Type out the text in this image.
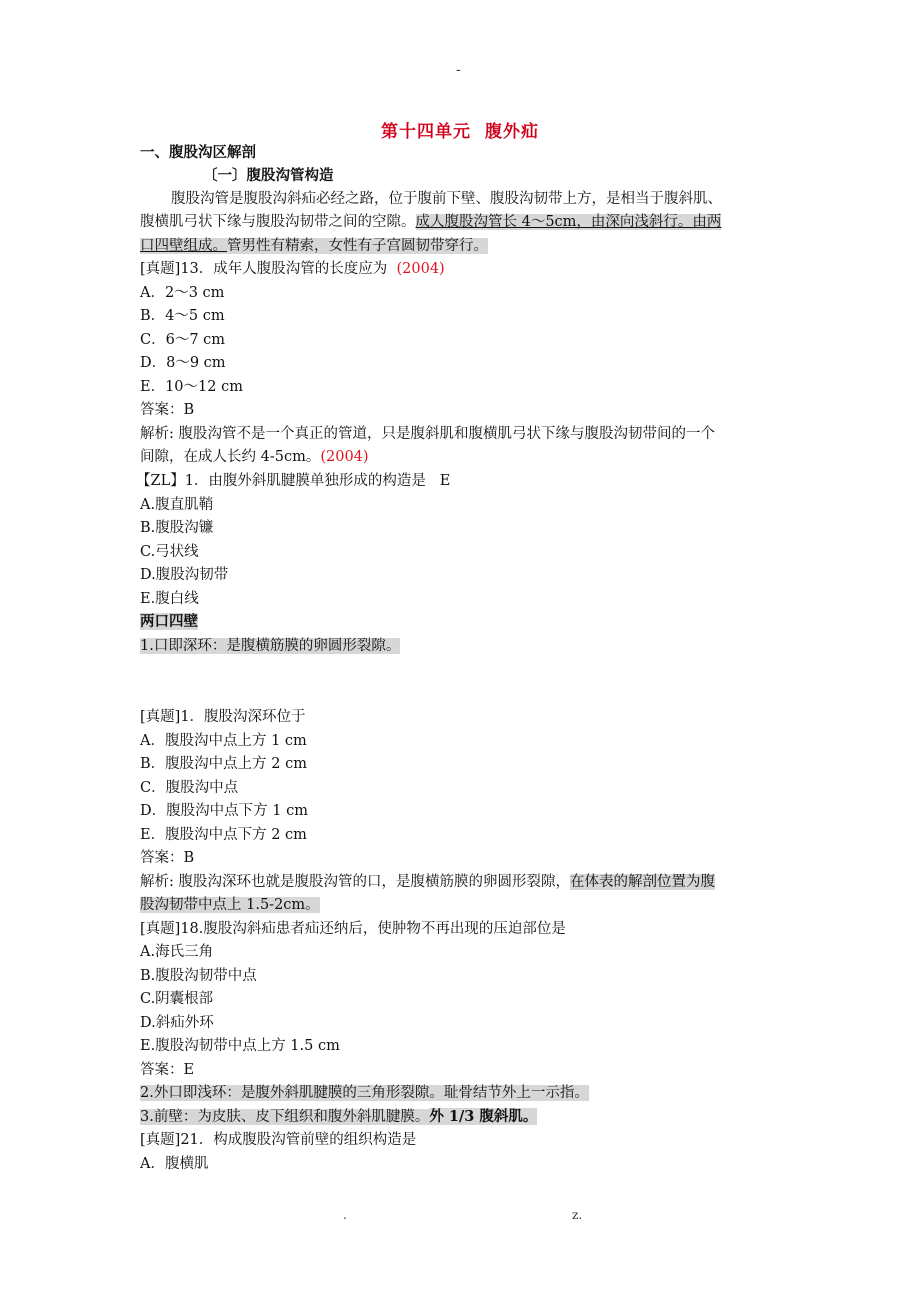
-
第十四单元 腹外疝
一、腹股沟区解剖
〔一〕腹股沟管构造
腹股沟管是腹股沟斜疝必经之路，位于腹前下壁、腹股沟韧带上方，是相当于腹斜肌、
腹横肌弓状下缘与腹股沟韧带之间的空隙。成人腹股沟管长 4～5cm，由深向浅斜行。由两
口四壁组成。管男性有精索，女性有子宫圆韧带穿行。
[真题]13．成年人腹股沟管的长度应为 (2004)
A．2～3 cm
B．4～5 cm
C．6～7 cm
D．8～9 cm
E．10～12 cm
答案：B
解析: 腹股沟管不是一个真正的管道，只是腹斜肌和腹横肌弓状下缘与腹股沟韧带间的一个
间隙，在成人长约 4-5cm。(2004)
【ZL】1．由腹外斜肌腱膜单独形成的构造是 E
A.腹直肌鞘
B.腹股沟镰
C.弓状线
D.腹股沟韧带
E.腹白线
两口四壁
1.口即深环：是腹横筋膜的卵圆形裂隙。
[真题]1．腹股沟深环位于
A．腹股沟中点上方 1 cm
B．腹股沟中点上方 2 cm
C．腹股沟中点
D．腹股沟中点下方 1 cm
E．腹股沟中点下方 2 cm
答案：B
解析: 腹股沟深环也就是腹股沟管的口，是腹横筋膜的卵圆形裂隙，在体表的解剖位置为腹
股沟韧带中点上 1.5-2cm。
[真题]18.腹股沟斜疝患者疝还纳后，使肿物不再出现的压迫部位是
A.海氏三角
B.腹股沟韧带中点
C.阴囊根部
D.斜疝外环
E.腹股沟韧带中点上方 1.5 cm
答案：E
2.外口即浅环：是腹外斜肌腱膜的三角形裂隙。耻骨结节外上一示指。
3.前壁：为皮肤、皮下组织和腹外斜肌腱膜。外 1/3 腹斜肌。
[真题]21．构成腹股沟管前壁的组织构造是
A．腹横肌
.	z.
